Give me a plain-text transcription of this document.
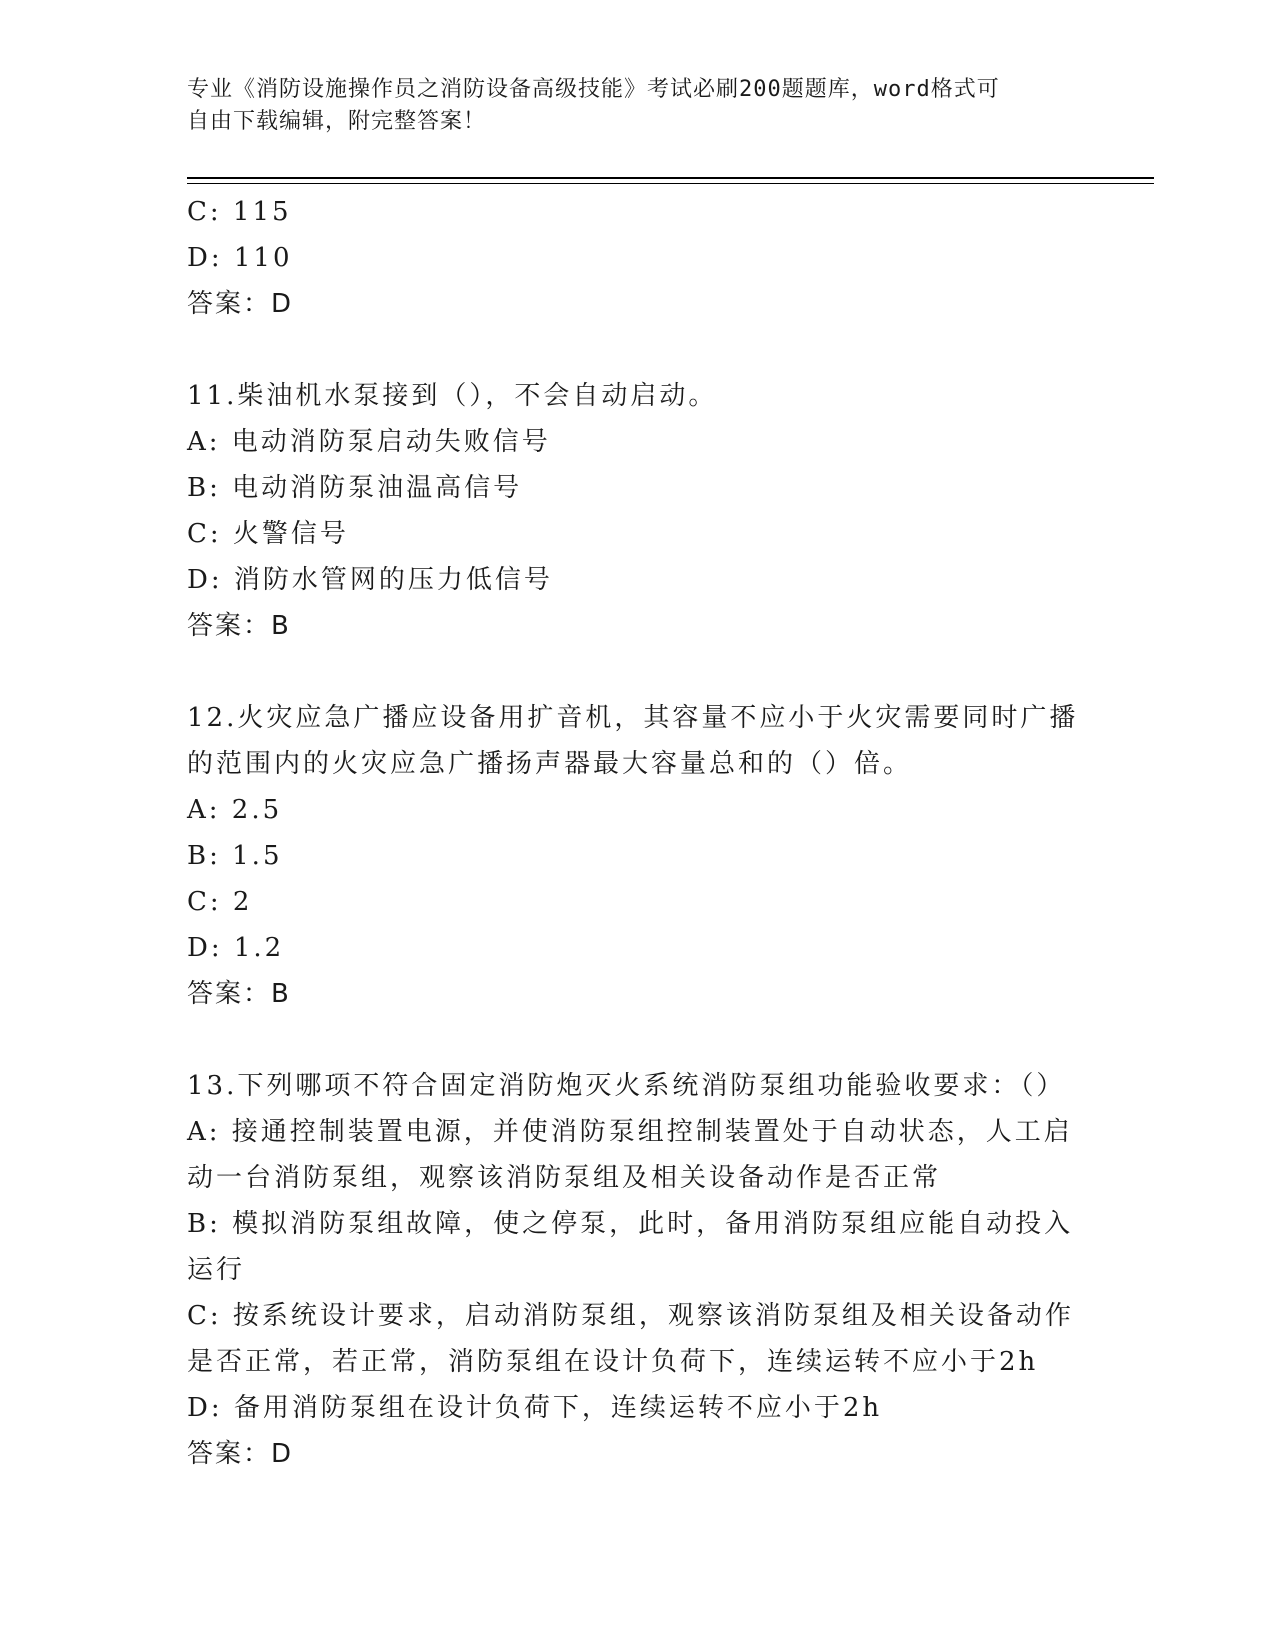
专业《消防设施操作员之消防设备高级技能》考试必刷200题题库，word格式可
自由下载编辑，附完整答案！
C: 115
D: 110
答案：D
11.柴油机水泵接到（），不会自动启动。
A: 电动消防泵启动失败信号
B: 电动消防泵油温高信号
C: 火警信号
D: 消防水管网的压力低信号
答案：B
12.火灾应急广播应设备用扩音机，其容量不应小于火灾需要同时广播
的范围内的火灾应急广播扬声器最大容量总和的（）倍。
A: 2.5
B: 1.5
C: 2
D: 1.2
答案：B
13.下列哪项不符合固定消防炮灭火系统消防泵组功能验收要求：（）
A: 接通控制装置电源，并使消防泵组控制装置处于自动状态，人工启
动一台消防泵组，观察该消防泵组及相关设备动作是否正常
B: 模拟消防泵组故障，使之停泵，此时，备用消防泵组应能自动投入
运行
C: 按系统设计要求，启动消防泵组，观察该消防泵组及相关设备动作
是否正常，若正常，消防泵组在设计负荷下，连续运转不应小于2h
D: 备用消防泵组在设计负荷下，连续运转不应小于2h
答案：D
